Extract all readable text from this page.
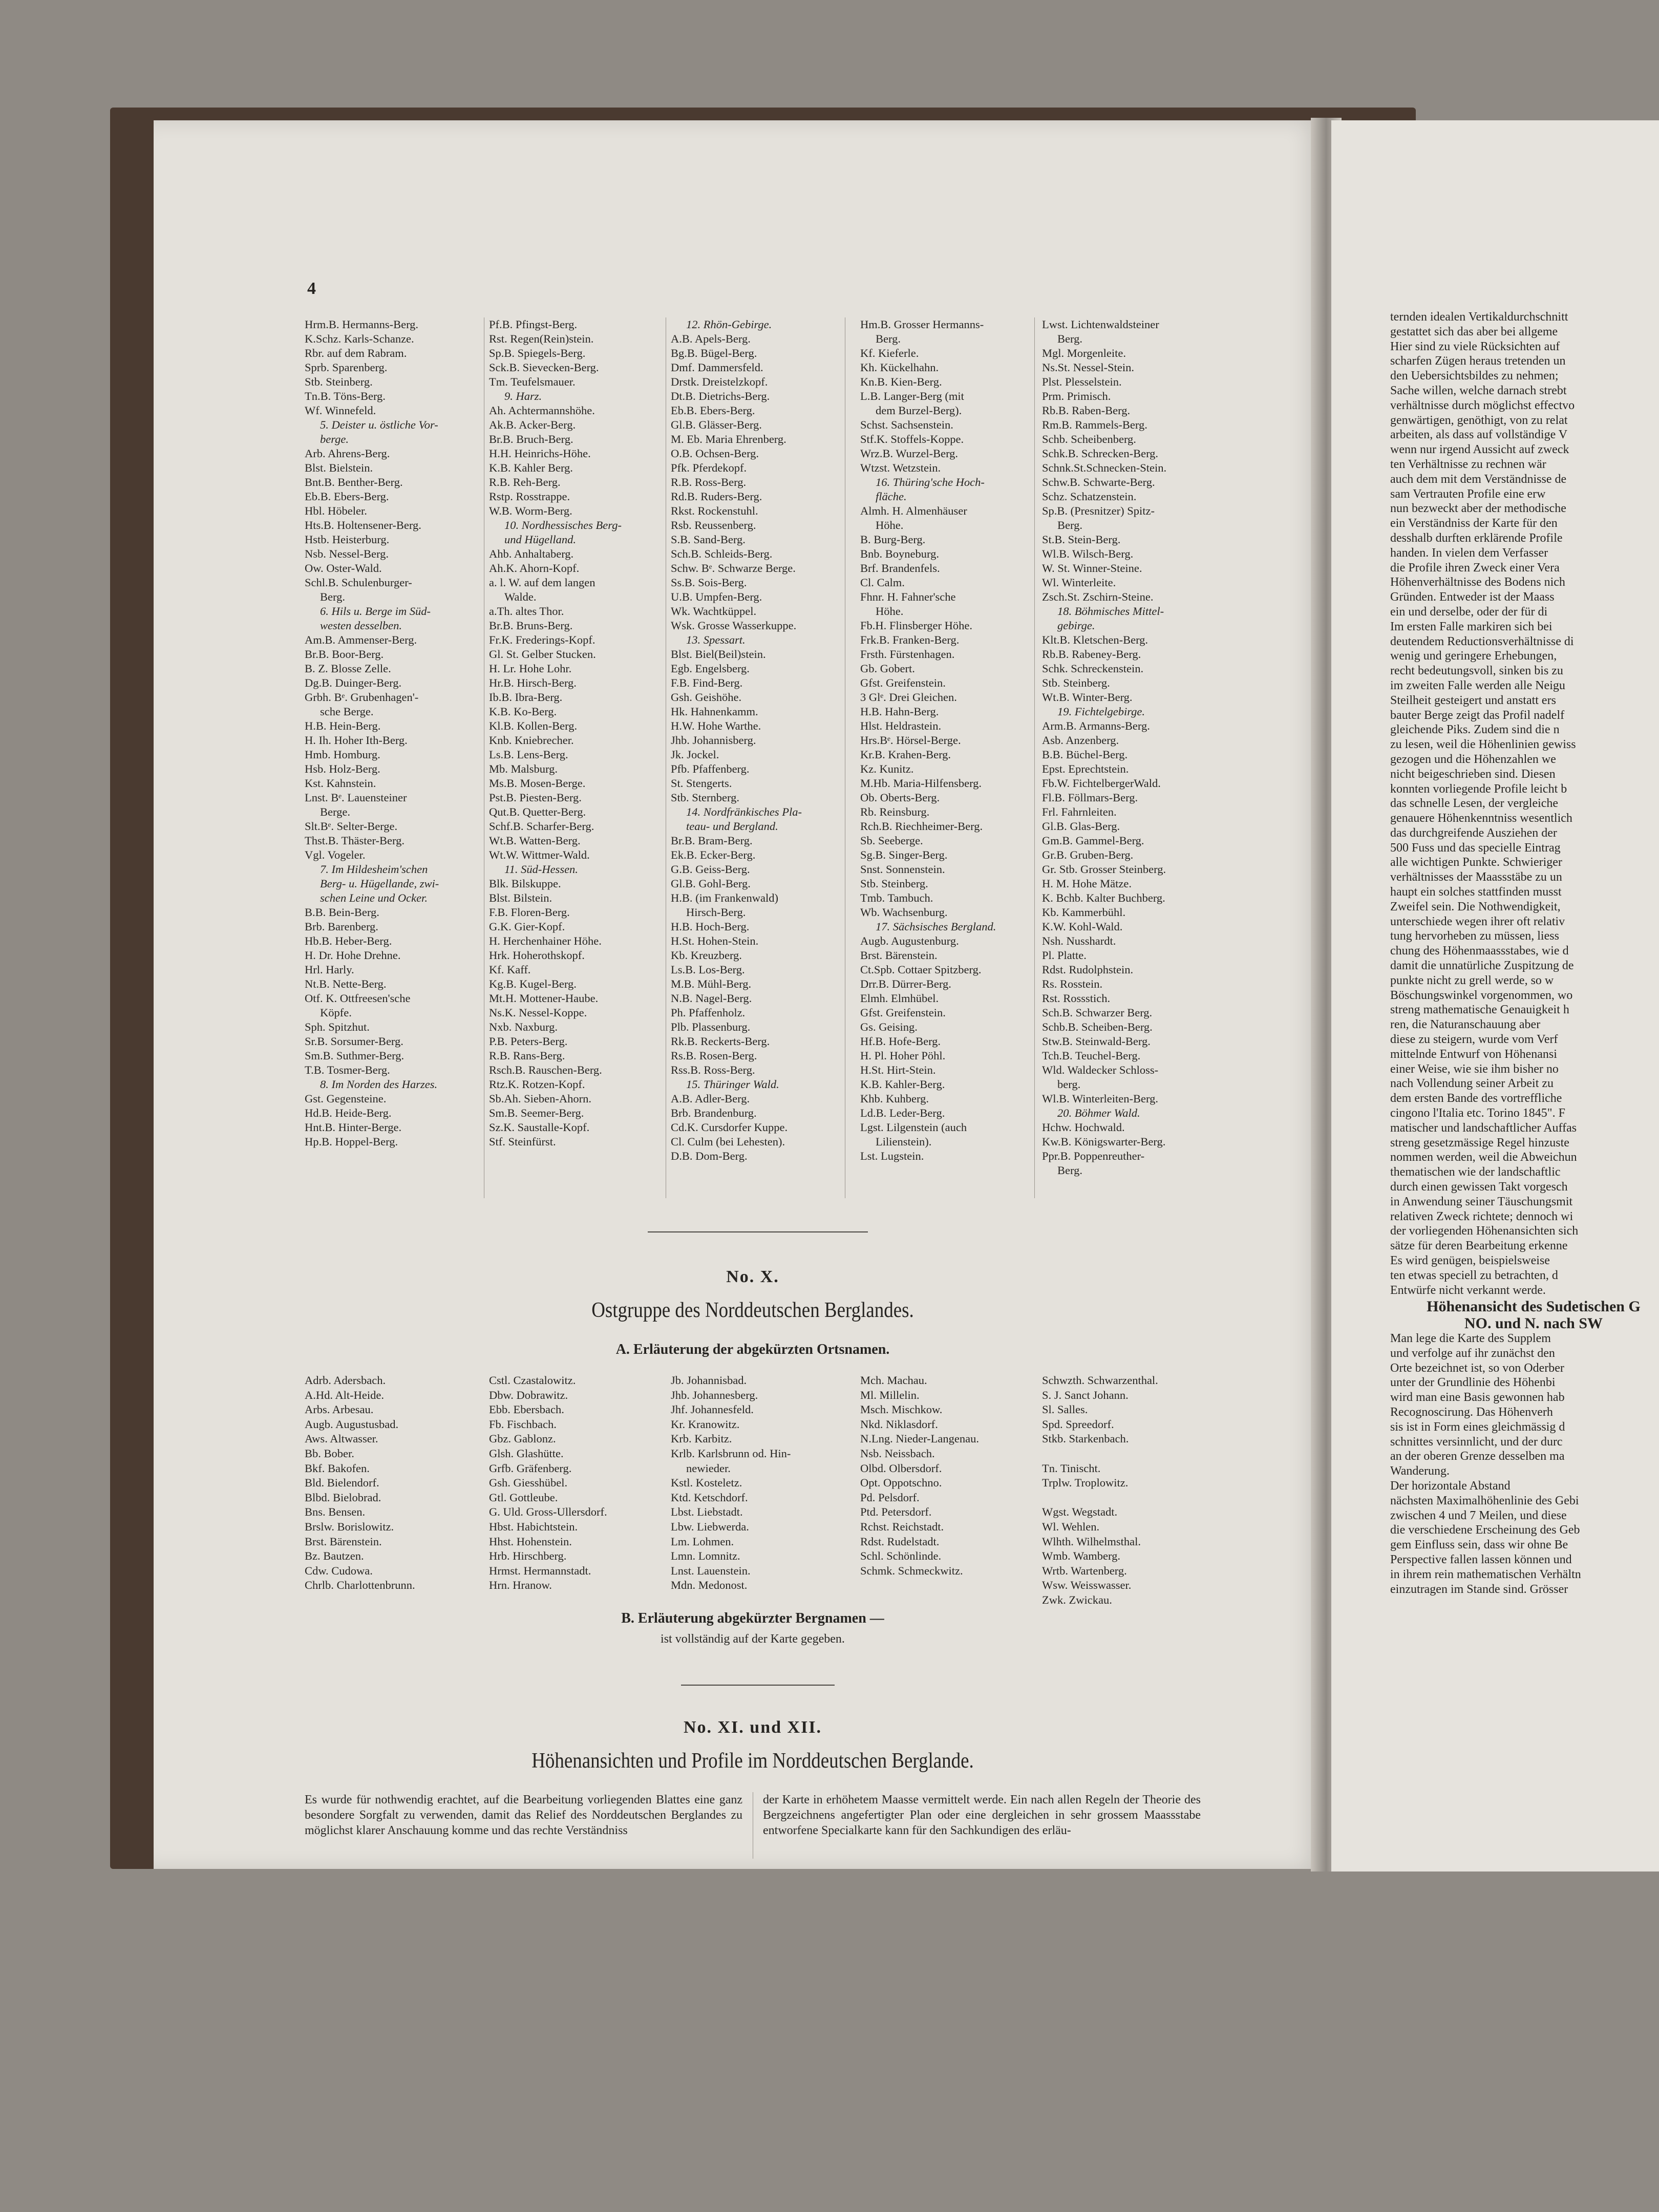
4
Hrm.B. Hermanns-Berg.
K.Schz. Karls-Schanze.
Rbr. auf dem Rabram.
Sprb. Sparenberg.
Stb. Steinberg.
Tn.B. Töns-Berg.
Wf. Winnefeld.
5. Deister u. östliche Vor-
berge.
Arb. Ahrens-Berg.
Blst. Bielstein.
Bnt.B. Benther-Berg.
Eb.B. Ebers-Berg.
Hbl. Höbeler.
Hts.B. Holtensener-Berg.
Hstb. Heisterburg.
Nsb. Nessel-Berg.
Ow. Oster-Wald.
Schl.B. Schulenburger-
Berg.
6. Hils u. Berge im Süd-
westen desselben.
Am.B. Ammenser-Berg.
Br.B. Boor-Berg.
B. Z. Blosse Zelle.
Dg.B. Duinger-Berg.
Grbh. Bᵉ. Grubenhagen'-
sche Berge.
H.B. Hein-Berg.
H. Ih. Hoher Ith-Berg.
Hmb. Homburg.
Hsb. Holz-Berg.
Kst. Kahnstein.
Lnst. Bᵉ. Lauensteiner
Berge.
Slt.Bᵉ. Selter-Berge.
Thst.B. Thäster-Berg.
Vgl. Vogeler.
7. Im Hildesheim'schen
Berg- u. Hügellande, zwi-
schen Leine und Ocker.
B.B. Bein-Berg.
Brb. Barenberg.
Hb.B. Heber-Berg.
H. Dr. Hohe Drehne.
Hrl. Harly.
Nt.B. Nette-Berg.
Otf. K. Ottfreesen'sche
Köpfe.
Sph. Spitzhut.
Sr.B. Sorsumer-Berg.
Sm.B. Suthmer-Berg.
T.B. Tosmer-Berg.
8. Im Norden des Harzes.
Gst. Gegensteine.
Hd.B. Heide-Berg.
Hnt.B. Hinter-Berge.
Hp.B. Hoppel-Berg.
Pf.B. Pfingst-Berg.
Rst. Regen(Rein)stein.
Sp.B. Spiegels-Berg.
Sck.B. Sievecken-Berg.
Tm. Teufelsmauer.
9. Harz.
Ah. Achtermannshöhe.
Ak.B. Acker-Berg.
Br.B. Bruch-Berg.
H.H. Heinrichs-Höhe.
K.B. Kahler Berg.
R.B. Reh-Berg.
Rstp. Rosstrappe.
W.B. Worm-Berg.
10. Nordhessisches Berg-
und Hügelland.
Ahb. Anhaltaberg.
Ah.K. Ahorn-Kopf.
a. l. W. auf dem langen
Walde.
a.Th. altes Thor.
Br.B. Bruns-Berg.
Fr.K. Frederings-Kopf.
Gl. St. Gelber Stucken.
H. Lr. Hohe Lohr.
Hr.B. Hirsch-Berg.
Ib.B. Ibra-Berg.
K.B. Ko-Berg.
Kl.B. Kollen-Berg.
Knb. Kniebrecher.
Ls.B. Lens-Berg.
Mb. Malsburg.
Ms.B. Mosen-Berge.
Pst.B. Piesten-Berg.
Qut.B. Quetter-Berg.
Schf.B. Scharfer-Berg.
Wt.B. Watten-Berg.
Wt.W. Wittmer-Wald.
11. Süd-Hessen.
Blk. Bilskuppe.
Blst. Bilstein.
F.B. Floren-Berg.
G.K. Gier-Kopf.
H. Herchenhainer Höhe.
Hrk. Hoherothskopf.
Kf. Kaff.
Kg.B. Kugel-Berg.
Mt.H. Mottener-Haube.
Ns.K. Nessel-Koppe.
Nxb. Naxburg.
P.B. Peters-Berg.
R.B. Rans-Berg.
Rsch.B. Rauschen-Berg.
Rtz.K. Rotzen-Kopf.
Sb.Ah. Sieben-Ahorn.
Sm.B. Seemer-Berg.
Sz.K. Saustalle-Kopf.
Stf. Steinfürst.
12. Rhön-Gebirge.
A.B. Apels-Berg.
Bg.B. Bügel-Berg.
Dmf. Dammersfeld.
Drstk. Dreistelzkopf.
Dt.B. Dietrichs-Berg.
Eb.B. Ebers-Berg.
Gl.B. Glässer-Berg.
M. Eb. Maria Ehrenberg.
O.B. Ochsen-Berg.
Pfk. Pferdekopf.
R.B. Ross-Berg.
Rd.B. Ruders-Berg.
Rkst. Rockenstuhl.
Rsb. Reussenberg.
S.B. Sand-Berg.
Sch.B. Schleids-Berg.
Schw. Bᵉ. Schwarze Berge.
Ss.B. Sois-Berg.
U.B. Umpfen-Berg.
Wk. Wachtküppel.
Wsk. Grosse Wasserkuppe.
13. Spessart.
Blst. Biel(Beil)stein.
Egb. Engelsberg.
F.B. Find-Berg.
Gsh. Geishöhe.
Hk. Hahnenkamm.
H.W. Hohe Warthe.
Jhb. Johannisberg.
Jk. Jockel.
Pfb. Pfaffenberg.
St. Stengerts.
Stb. Sternberg.
14. Nordfränkisches Pla-
teau- und Bergland.
Br.B. Bram-Berg.
Ek.B. Ecker-Berg.
G.B. Geiss-Berg.
Gl.B. Gohl-Berg.
H.B. (im Frankenwald)
Hirsch-Berg.
H.B. Hoch-Berg.
H.St. Hohen-Stein.
Kb. Kreuzberg.
Ls.B. Los-Berg.
M.B. Mühl-Berg.
N.B. Nagel-Berg.
Ph. Pfaffenholz.
Plb. Plassenburg.
Rk.B. Reckerts-Berg.
Rs.B. Rosen-Berg.
Rss.B. Ross-Berg.
15. Thüringer Wald.
A.B. Adler-Berg.
Brb. Brandenburg.
Cd.K. Cursdorfer Kuppe.
Cl. Culm (bei Lehesten).
D.B. Dom-Berg.
Hm.B. Grosser Hermanns-
Berg.
Kf. Kieferle.
Kh. Kückelhahn.
Kn.B. Kien-Berg.
L.B. Langer-Berg (mit
dem Burzel-Berg).
Schst. Sachsenstein.
Stf.K. Stoffels-Koppe.
Wrz.B. Wurzel-Berg.
Wtzst. Wetzstein.
16. Thüring'sche Hoch-
fläche.
Almh. H. Almenhäuser
Höhe.
B. Burg-Berg.
Bnb. Boyneburg.
Brf. Brandenfels.
Cl. Calm.
Fhnr. H. Fahner'sche
Höhe.
Fb.H. Flinsberger Höhe.
Frk.B. Franken-Berg.
Frsth. Fürstenhagen.
Gb. Gobert.
Gfst. Greifenstein.
3 Glᵉ. Drei Gleichen.
H.B. Hahn-Berg.
Hlst. Heldrastein.
Hrs.Bᵉ. Hörsel-Berge.
Kr.B. Krahen-Berg.
Kz. Kunitz.
M.Hb. Maria-Hilfensberg.
Ob. Oberts-Berg.
Rb. Reinsburg.
Rch.B. Riechheimer-Berg.
Sb. Seeberge.
Sg.B. Singer-Berg.
Snst. Sonnenstein.
Stb. Steinberg.
Tmb. Tambuch.
Wb. Wachsenburg.
17. Sächsisches Bergland.
Augb. Augustenburg.
Brst. Bärenstein.
Ct.Spb. Cottaer Spitzberg.
Drr.B. Dürrer-Berg.
Elmh. Elmhübel.
Gfst. Greifenstein.
Gs. Geising.
Hf.B. Hofe-Berg.
H. Pl. Hoher Pöhl.
H.St. Hirt-Stein.
K.B. Kahler-Berg.
Khb. Kuhberg.
Ld.B. Leder-Berg.
Lgst. Lilgenstein (auch
Lilienstein).
Lst. Lugstein.
Lwst. Lichtenwaldsteiner
Berg.
Mgl. Morgenleite.
Ns.St. Nessel-Stein.
Plst. Plesselstein.
Prm. Primisch.
Rb.B. Raben-Berg.
Rm.B. Rammels-Berg.
Schb. Scheibenberg.
Schk.B. Schrecken-Berg.
Schnk.St.Schnecken-Stein.
Schw.B. Schwarte-Berg.
Schz. Schatzenstein.
Sp.B. (Presnitzer) Spitz-
Berg.
St.B. Stein-Berg.
Wl.B. Wilsch-Berg.
W. St. Winner-Steine.
Wl. Winterleite.
Zsch.St. Zschirn-Steine.
18. Böhmisches Mittel-
gebirge.
Klt.B. Kletschen-Berg.
Rb.B. Rabeney-Berg.
Schk. Schreckenstein.
Stb. Steinberg.
Wt.B. Winter-Berg.
19. Fichtelgebirge.
Arm.B. Armanns-Berg.
Asb. Anzenberg.
B.B. Büchel-Berg.
Epst. Eprechtstein.
Fb.W. FichtelbergerWald.
Fl.B. Föllmars-Berg.
Frl. Fahrnleiten.
Gl.B. Glas-Berg.
Gm.B. Gammel-Berg.
Gr.B. Gruben-Berg.
Gr. Stb. Grosser Steinberg.
H. M. Hohe Mätze.
K. Bchb. Kalter Buchberg.
Kb. Kammerbühl.
K.W. Kohl-Wald.
Nsh. Nusshardt.
Pl. Platte.
Rdst. Rudolphstein.
Rs. Rosstein.
Rst. Rossstich.
Sch.B. Schwarzer Berg.
Schb.B. Scheiben-Berg.
Stw.B. Steinwald-Berg.
Tch.B. Teuchel-Berg.
Wld. Waldecker Schloss-
berg.
Wl.B. Winterleiten-Berg.
20. Böhmer Wald.
Hchw. Hochwald.
Kw.B. Königswarter-Berg.
Ppr.B. Poppenreuther-
Berg.
No. X.
Ostgruppe des Norddeutschen Berglandes.
A. Erläuterung der abgekürzten Ortsnamen.
Adrb. Adersbach.
A.Hd. Alt-Heide.
Arbs. Arbesau.
Augb. Augustusbad.
Aws. Altwasser.
Bb. Bober.
Bkf. Bakofen.
Bld. Bielendorf.
Blbd. Bielobrad.
Bns. Bensen.
Brslw. Borislowitz.
Brst. Bärenstein.
Bz. Bautzen.
Cdw. Cudowa.
Chrlb. Charlottenbrunn.
Cstl. Czastalowitz.
Dbw. Dobrawitz.
Ebb. Ebersbach.
Fb. Fischbach.
Gbz. Gablonz.
Glsh. Glashütte.
Grfb. Gräfenberg.
Gsh. Giesshübel.
Gtl. Gottleube.
G. Uld. Gross-Ullersdorf.
Hbst. Habichtstein.
Hhst. Hohenstein.
Hrb. Hirschberg.
Hrmst. Hermannstadt.
Hrn. Hranow.
Jb. Johannisbad.
Jhb. Johannesberg.
Jhf. Johannesfeld.
Kr. Kranowitz.
Krb. Karbitz.
Krlb. Karlsbrunn od. Hin-
newieder.
Kstl. Kosteletz.
Ktd. Ketschdorf.
Lbst. Liebstadt.
Lbw. Liebwerda.
Lm. Lohmen.
Lmn. Lomnitz.
Lnst. Lauenstein.
Mdn. Medonost.
Mch. Machau.
Ml. Millelin.
Msch. Mischkow.
Nkd. Niklasdorf.
N.Lng. Nieder-Langenau.
Nsb. Neissbach.
Olbd. Olbersdorf.
Opt. Oppotschno.
Pd. Pelsdorf.
Ptd. Petersdorf.
Rchst. Reichstadt.
Rdst. Rudelstadt.
Schl. Schönlinde.
Schmk. Schmeckwitz.
Schwzth. Schwarzenthal.
S. J. Sanct Johann.
Sl. Salles.
Spd. Spreedorf.
Stkb. Starkenbach.

Tn. Tinischt.
Trplw. Troplowitz.

Wgst. Wegstadt.
Wl. Wehlen.
Wlhth. Wilhelmsthal.
Wmb. Wamberg.
Wrtb. Wartenberg.
Wsw. Weisswasser.
Zwk. Zwickau.
B. Erläuterung abgekürzter Bergnamen —
ist vollständig auf der Karte gegeben.
No. XI. und XII.
Höhenansichten und Profile im Norddeutschen Berglande.
Es wurde für nothwendig erachtet, auf die Bearbeitung vorliegenden Blattes eine ganz besondere Sorgfalt zu verwenden, damit das Relief des Norddeutschen Berglandes zu möglichst klarer Anschauung komme und das rechte Verständniss
der Karte in erhöhetem Maasse vermittelt werde. Ein nach allen Regeln der Theorie des Bergzeichnens angefertigter Plan oder eine dergleichen in sehr grossem Maassstabe entworfene Specialkarte kann für den Sachkundigen des erläu-
ternden idealen Vertikaldurchschnitt
gestattet sich das aber bei allgeme
Hier sind zu viele Rücksichten auf
scharfen Zügen heraus tretenden un
den Uebersichtsbildes zu nehmen;
Sache willen, welche darnach strebt
verhältnisse durch möglichst effectvo
genwärtigen, genöthigt, von zu relat
arbeiten, als dass auf vollständige V
wenn nur irgend Aussicht auf zweck
ten Verhältnisse zu rechnen wär
auch dem mit dem Verständnisse de
sam Vertrauten Profile eine erw
nun bezweckt aber der methodische
ein Verständniss der Karte für den
desshalb durften erklärende Profile
handen. In vielen dem Verfasser
die Profile ihren Zweck einer Vera
Höhenverhältnisse des Bodens nich
Gründen. Entweder ist der Maass
ein und derselbe, oder der für di
Im ersten Falle markiren sich bei
deutendem Reductionsverhältnisse di
wenig und geringere Erhebungen,
recht bedeutungsvoll, sinken bis zu
im zweiten Falle werden alle Neigu
Steilheit gesteigert und anstatt ers
bauter Berge zeigt das Profil nadelf
gleichende Piks. Zudem sind die n
zu lesen, weil die Höhenlinien gewiss
gezogen und die Höhenzahlen we
nicht beigeschrieben sind. Diesen
konnten vorliegende Profile leicht b
das schnelle Lesen, der vergleiche
genauere Höhenkenntniss wesentlich
das durchgreifende Ausziehen der
500 Fuss und das specielle Eintrag
alle wichtigen Punkte. Schwieriger
verhältnisses der Maassstäbe zu un
haupt ein solches stattfinden musst
Zweifel sein. Die Nothwendigkeit,
unterschiede wegen ihrer oft relativ
tung hervorheben zu müssen, liess
chung des Höhenmaassstabes, wie d
damit die unnatürliche Zuspitzung de
punkte nicht zu grell werde, so w
Böschungswinkel vorgenommen, wo
streng mathematische Genauigkeit h
ren, die Naturanschauung aber
diese zu steigern, wurde vom Verf
mittelnde Entwurf von Höhenansi
einer Weise, wie sie ihm bisher no
nach Vollendung seiner Arbeit zu
dem ersten Bande des vortreffliche
cingono l'Italia etc. Torino 1845". F
matischer und landschaftlicher Auffas
streng gesetzmässige Regel hinzuste
nommen werden, weil die Abweichun
thematischen wie der landschaftlic
durch einen gewissen Takt vorgesch
in Anwendung seiner Täuschungsmit
relativen Zweck richtete; dennoch wi
der vorliegenden Höhenansichten sich
sätze für deren Bearbeitung erkenne
Es wird genügen, beispielsweise
ten etwas speciell zu betrachten, d
Entwürfe nicht verkannt werde.
Höhenansicht des Sudetischen G
NO. und N. nach SW
Man lege die Karte des Supplem
und verfolge auf ihr zunächst den
Orte bezeichnet ist, so von Oderber
unter der Grundlinie des Höhenbi
wird man eine Basis gewonnen hab
Recognoscirung. Das Höhenverh
sis ist in Form eines gleichmässig d
schnittes versinnlicht, und der durc
an der oberen Grenze desselben ma
Wanderung.
Der horizontale Abstand
nächsten Maximalhöhenlinie des Gebi
zwischen 4 und 7 Meilen, und diese
die verschiedene Erscheinung des Geb
gem Einfluss sein, dass wir ohne Be
Perspective fallen lassen können und
in ihrem rein mathematischen Verhältn
einzutragen im Stande sind. Grösser
